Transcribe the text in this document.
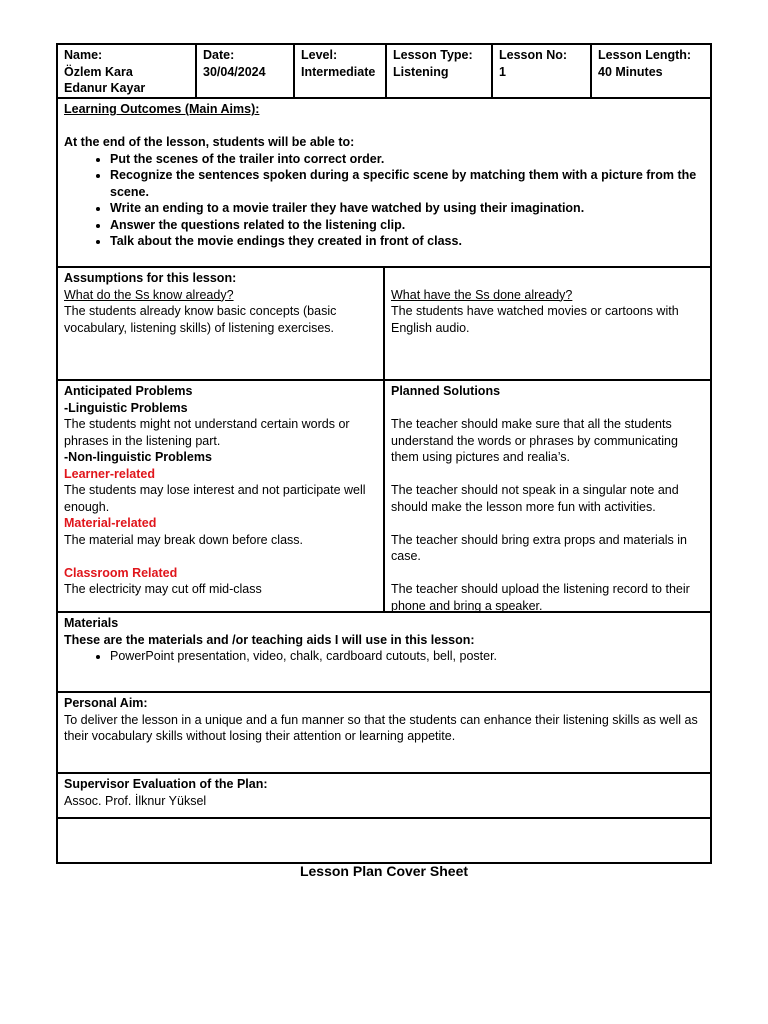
Name:
Özlem Kara
Edanur Kayar
Date:
30/04/2024
Level:
Intermediate
Lesson Type:
Listening
Lesson No:
1
Lesson Length:
40 Minutes

Learning Outcomes (Main Aims):

At the end of the lesson, students will be able to:

• Put the scenes of the trailer into correct order.
• Recognize the sentences spoken during a specific scene by matching them with a picture from the scene.
• Write an ending to a movie trailer they have watched by using their imagination.
• Answer the questions related to the listening clip.
• Talk about the movie endings they created in front of class.

Assumptions for this lesson:

What do the Ss know already?

The students already know basic concepts (basic vocabulary, listening skills) of listening exercises.

What have the Ss done already?

The students have watched movies or cartoons with English audio.

Anticipated Problems

-Linguistic Problems

The students might not understand certain words or phrases in the listening part.

-Non-linguistic Problems

Learner-related

The students may lose interest and not participate well enough.

Material-related

The material may break down before class.

Classroom Related

The electricity may cut off mid-class

Planned Solutions

The teacher should make sure that all the students understand the words or phrases by communicating them using pictures and realia’s.

The teacher should not speak in a singular note and should make the lesson more fun with activities.

The teacher should bring extra props and materials in case.

The teacher should upload the listening record to their phone and bring a speaker.

Materials

These are the materials and /or teaching aids I will use in this lesson:

• PowerPoint presentation, video, chalk, cardboard cutouts, bell, poster.

Personal Aim:

To deliver the lesson in a unique and a fun manner so that the students can enhance their listening skills as well as their vocabulary skills without losing their attention or learning appetite.

Supervisor Evaluation of the Plan:

Assoc. Prof. İlknur Yüksel

Lesson Plan Cover Sheet
